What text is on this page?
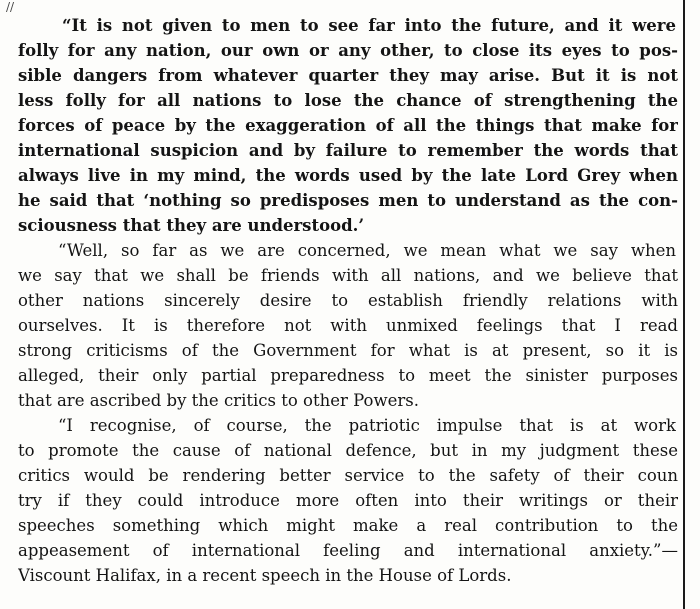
//
“It is not given to men to see far into the future, and it were
folly for any nation, our own or any other, to close its eyes to pos-
sible dangers from whatever quarter they may arise. But it is not
less folly for all nations to lose the chance of strengthening the
forces of peace by the exaggeration of all the things that make for
international suspicion and by failure to remember the words that
always live in my mind, the words used by the late Lord Grey when
he said that ‘nothing so predisposes men to understand as the con-
sciousness that they are understood.’
“Well, so far as we are concerned, we mean what we say when
we say that we shall be friends with all nations, and we believe that
other nations sincerely desire to establish friendly relations with
ourselves. It is therefore not with unmixed feelings that I read
strong criticisms of the Government for what is at present, so it is
alleged, their only partial preparedness to meet the sinister purposes
that are ascribed by the critics to other Powers.
“I recognise, of course, the patriotic impulse that is at work
to promote the cause of national defence, but in my judgment these
critics would be rendering better service to the safety of their coun
try if they could introduce more often into their writings or their
speeches something which might make a real contribution to the
appeasement of international feeling and international anxiety.”—
Viscount Halifax, in a recent speech in the House of Lords.
